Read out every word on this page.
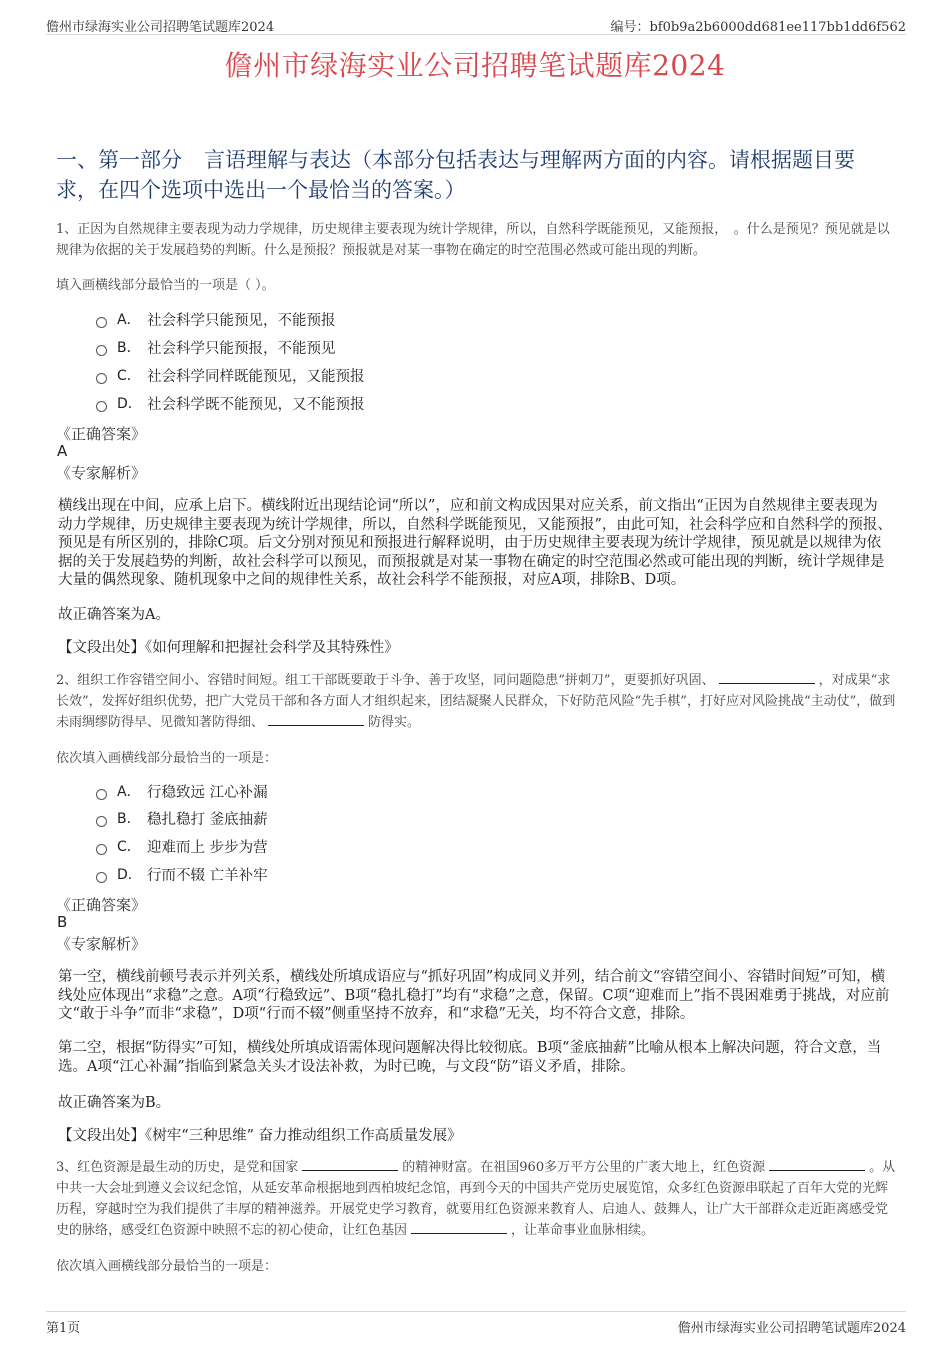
儋州市绿海实业公司招聘笔试题库2024	编号：bf0b9a2b6000dd681ee117bb1dd6f562
儋州市绿海实业公司招聘笔试题库2024
一、第一部分 言语理解与表达（本部分包括表达与理解两方面的内容。请根据题目要求，在四个选项中选出一个最恰当的答案。）
1、正因为自然规律主要表现为动力学规律，历史规律主要表现为统计学规律，所以，自然科学既能预见，又能预报，　。什么是预见？预见就是以规律为依据的关于发展趋势的判断。什么是预报？预报就是对某一事物在确定的时空范围必然或可能出现的判断。
填入画横线部分最恰当的一项是（ ）。
A． 社会科学只能预见，不能预报
B． 社会科学只能预报，不能预见
C． 社会科学同样既能预见，又能预报
D． 社会科学既不能预见，又不能预报
《正确答案》
A
《专家解析》
横线出现在中间，应承上启下。横线附近出现结论词“所以”，应和前文构成因果对应关系，前文指出“正因为自然规律主要表现为动力学规律，历史规律主要表现为统计学规律，所以，自然科学既能预见，又能预报”，由此可知，社会科学应和自然科学的预报、预见是有所区别的，排除C项。后文分别对预见和预报进行解释说明，由于历史规律主要表现为统计学规律，预见就是以规律为依据的关于发展趋势的判断，故社会科学可以预见，而预报就是对某一事物在确定的时空范围必然或可能出现的判断，统计学规律是大量的偶然现象、随机现象中之间的规律性关系，故社会科学不能预报，对应A项，排除B、D项。
故正确答案为A。
【文段出处】《如何理解和把握社会科学及其特殊性》
2、组织工作容错空间小、容错时间短。组工干部既要敢于斗争、善于攻坚，同问题隐患“拼刺刀”，更要抓好巩固、	，对成果“求长效”，发挥好组织优势，把广大党员干部和各方面人才组织起来，团结凝聚人民群众，下好防范风险“先手棋”，打好应对风险挑战“主动仗”，做到未雨绸缪防得早、见微知著防得细、	防得实。
依次填入画横线部分最恰当的一项是：
A． 行稳致远 江心补漏
B． 稳扎稳打 釜底抽薪
C． 迎难而上 步步为营
D． 行而不辍 亡羊补牢
《正确答案》
B
《专家解析》
第一空，横线前顿号表示并列关系，横线处所填成语应与“抓好巩固”构成同义并列，结合前文“容错空间小、容错时间短”可知，横线处应体现出“求稳”之意。A项“行稳致远”、B项“稳扎稳打”均有“求稳”之意，保留。C项“迎难而上”指不畏困难勇于挑战，对应前文“敢于斗争”而非“求稳”，D项“行而不辍”侧重坚持不放弃，和“求稳”无关，均不符合文意，排除。
第二空，根据“防得实”可知，横线处所填成语需体现问题解决得比较彻底。B项“釜底抽薪”比喻从根本上解决问题，符合文意，当选。A项“江心补漏”指临到紧急关头才设法补救，为时已晚，与文段“防”语义矛盾，排除。
故正确答案为B。
【文段出处】《树牢“三种思维” 奋力推动组织工作高质量发展》
3、红色资源是最生动的历史，是党和国家	的精神财富。在祖国960多万平方公里的广袤大地上，红色资源	。从中共一大会址到遵义会议纪念馆，从延安革命根据地到西柏坡纪念馆，再到今天的中国共产党历史展览馆，众多红色资源串联起了百年大党的光辉历程，穿越时空为我们提供了丰厚的精神滋养。开展党史学习教育，就要用红色资源来教育人、启迪人、鼓舞人，让广大干部群众走近距离感受党史的脉络，感受红色资源中映照不忘的初心使命，让红色基因	，让革命事业血脉相续。
依次填入画横线部分最恰当的一项是：
第1页	儋州市绿海实业公司招聘笔试题库2024
